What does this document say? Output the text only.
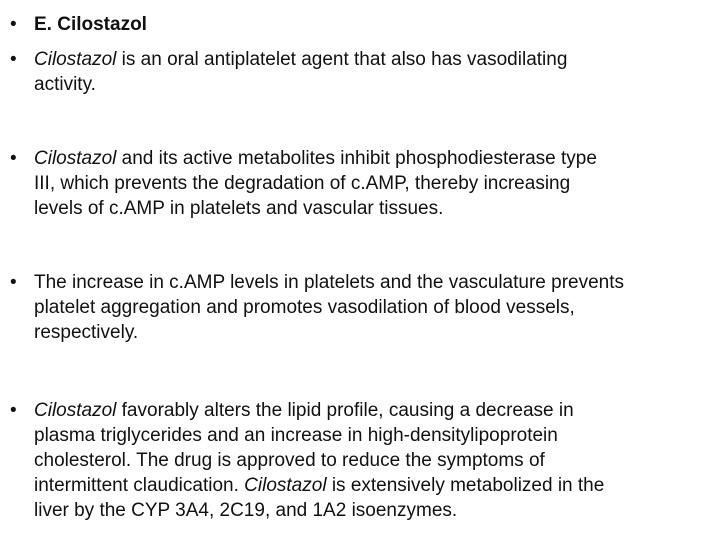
• E. Cilostazol
• Cilostazol is an oral antiplatelet agent that also has vasodilating
activity.
• Cilostazol and its active metabolites inhibit phosphodiesterase type
III, which prevents the degradation of c.AMP, thereby increasing
levels of c.AMP in platelets and vascular tissues.
• The increase in c.AMP levels in platelets and the vasculature prevents
platelet aggregation and promotes vasodilation of blood vessels,
respectively.
• Cilostazol favorably alters the lipid profile, causing a decrease in
plasma triglycerides and an increase in high-densitylipoprotein
cholesterol. The drug is approved to reduce the symptoms of
intermittent claudication. Cilostazol is extensively metabolized in the
liver by the CYP 3A4, 2C19, and 1A2 isoenzymes.
